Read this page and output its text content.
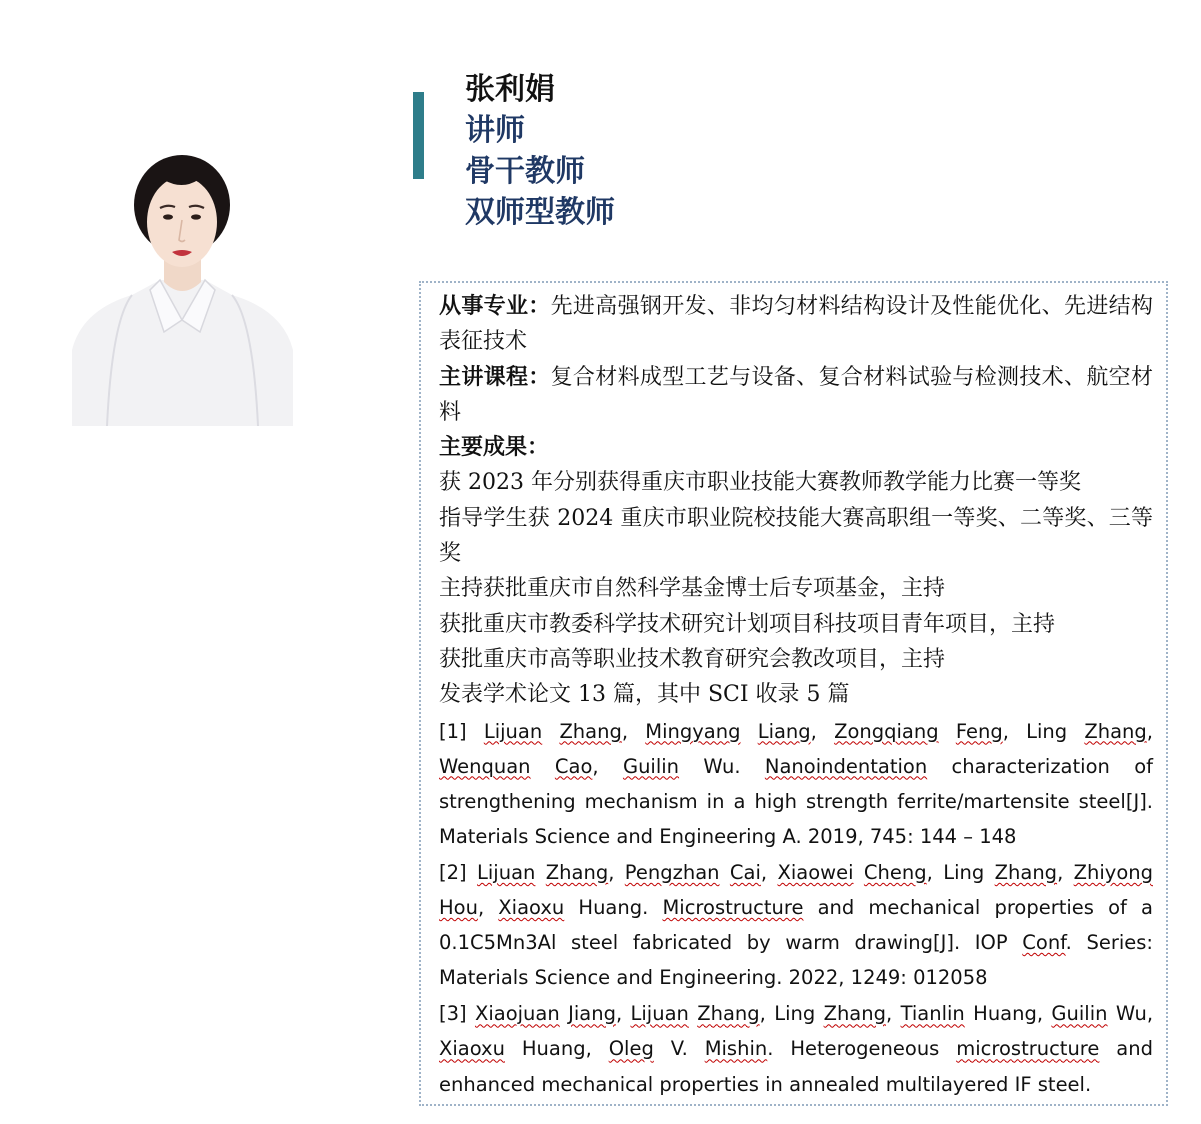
张利娟
讲师
骨干教师
双师型教师
从事专业：先进高强钢开发、非均匀材料结构设计及性能优化、先进结构表征技术
主讲课程：复合材料成型工艺与设备、复合材料试验与检测技术、航空材料
主要成果：
获 2023 年分别获得重庆市职业技能大赛教师教学能力比赛一等奖
指导学生获 2024 重庆市职业院校技能大赛高职组一等奖、二等奖、三等奖
主持获批重庆市自然科学基金博士后专项基金，主持
获批重庆市教委科学技术研究计划项目科技项目青年项目，主持
获批重庆市高等职业技术教育研究会教改项目，主持
发表学术论文 13 篇，其中 SCI 收录 5 篇
[1] Lijuan Zhang, Mingyang Liang, Zongqiang Feng, Ling Zhang, Wenquan Cao, Guilin Wu. Nanoindentation characterization of strengthening mechanism in a high strength ferrite/martensite steel[J]. Materials Science and Engineering A. 2019, 745: 144 – 148
[2] Lijuan Zhang, Pengzhan Cai, Xiaowei Cheng, Ling Zhang, Zhiyong Hou, Xiaoxu Huang. Microstructure and mechanical properties of a 0.1C5Mn3Al steel fabricated by warm drawing[J]. IOP Conf. Series: Materials Science and Engineering. 2022, 1249: 012058
[3] Xiaojuan Jiang, Lijuan Zhang, Ling Zhang, Tianlin Huang, Guilin Wu, Xiaoxu Huang, Oleg V. Mishin. Heterogeneous microstructure and enhanced mechanical properties in annealed multilayered IF steel.
